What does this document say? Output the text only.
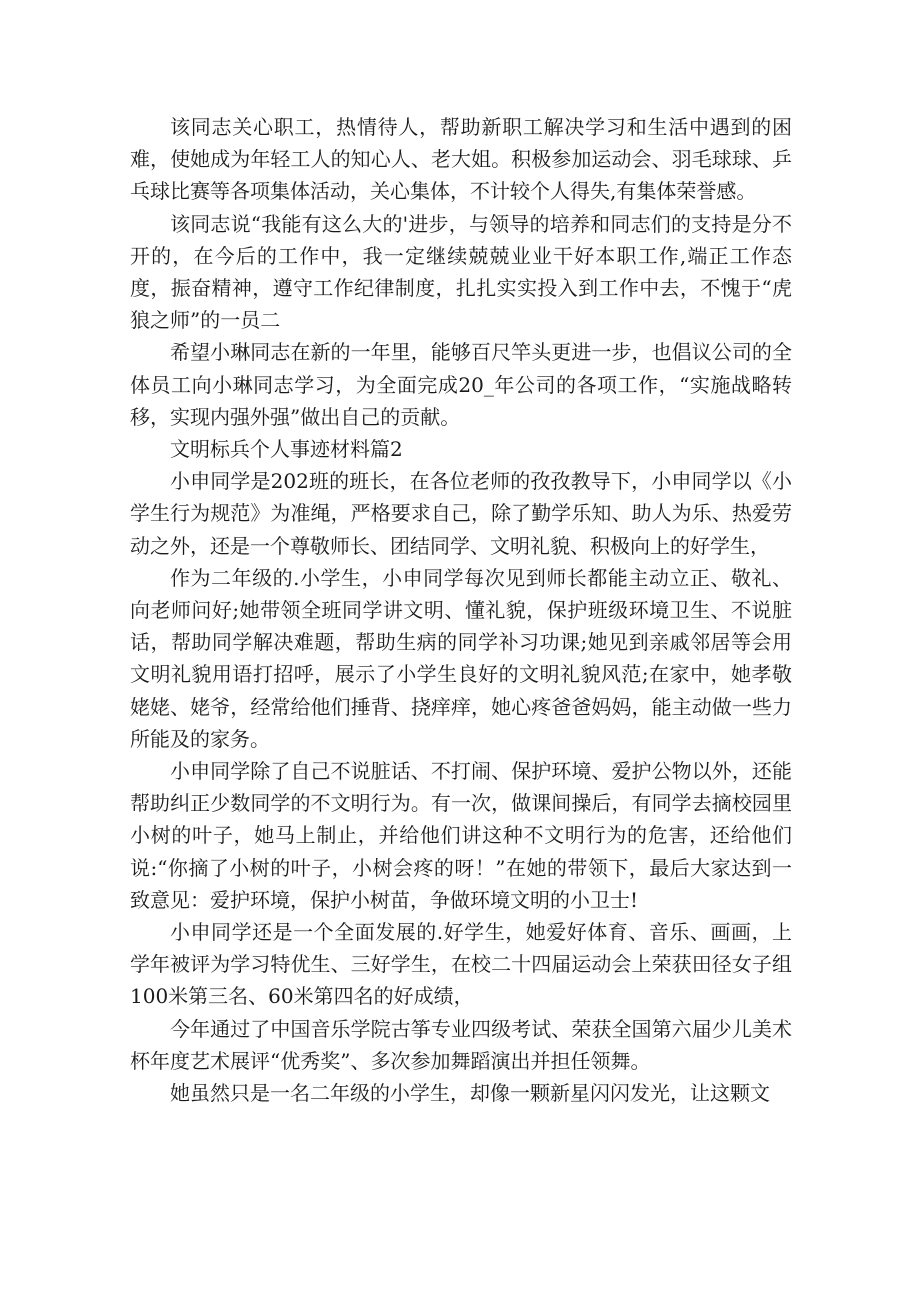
该同志关心职工，热情待人，帮助新职工解决学习和生活中遇到的困难，使她成为年轻工人的知心人、老大姐。积极参加运动会、羽毛球球、乒乓球比赛等各项集体活动，关心集体，不计较个人得失,有集体荣誉感。

该同志说“我能有这么大的'进步，与领导的培养和同志们的支持是分不开的，在今后的工作中，我一定继续兢兢业业干好本职工作,端正工作态度，振奋精神，遵守工作纪律制度，扎扎实实投入到工作中去，不愧于“虎狼之师”的一员二

希望小琳同志在新的一年里，能够百尺竿头更进一步，也倡议公司的全体员工向小琳同志学习，为全面完成20_年公司的各项工作，“实施战略转移，实现内强外强”做出自己的贡献。

文明标兵个人事迹材料篇2

小申同学是202班的班长，在各位老师的孜孜教导下，小申同学以《小学生行为规范》为准绳，严格要求自己，除了勤学乐知、助人为乐、热爱劳动之外，还是一个尊敬师长、团结同学、文明礼貌、积极向上的好学生，

作为二年级的.小学生，小申同学每次见到师长都能主动立正、敬礼、向老师问好;她带领全班同学讲文明、懂礼貌，保护班级环境卫生、不说脏话，帮助同学解决难题，帮助生病的同学补习功课;她见到亲戚邻居等会用文明礼貌用语打招呼，展示了小学生良好的文明礼貌风范;在家中，她孝敬姥姥、姥爷，经常给他们捶背、挠痒痒，她心疼爸爸妈妈，能主动做一些力所能及的家务。

小申同学除了自己不说脏话、不打闹、保护环境、爱护公物以外，还能帮助纠正少数同学的不文明行为。有一次，做课间操后，有同学去摘校园里小树的叶子，她马上制止，并给他们讲这种不文明行为的危害，还给他们说:“你摘了小树的叶子，小树会疼的呀！”在她的带领下，最后大家达到一致意见：爱护环境，保护小树苗，争做环境文明的小卫士!

小申同学还是一个全面发展的.好学生，她爱好体育、音乐、画画，上学年被评为学习特优生、三好学生，在校二十四届运动会上荣获田径女子组100米第三名、60米第四名的好成绩，

今年通过了中国音乐学院古筝专业四级考试、荣获全国第六届少儿美术杯年度艺术展评“优秀奖”、多次参加舞蹈演出并担任领舞。

她虽然只是一名二年级的小学生，却像一颗新星闪闪发光，让这颗文
